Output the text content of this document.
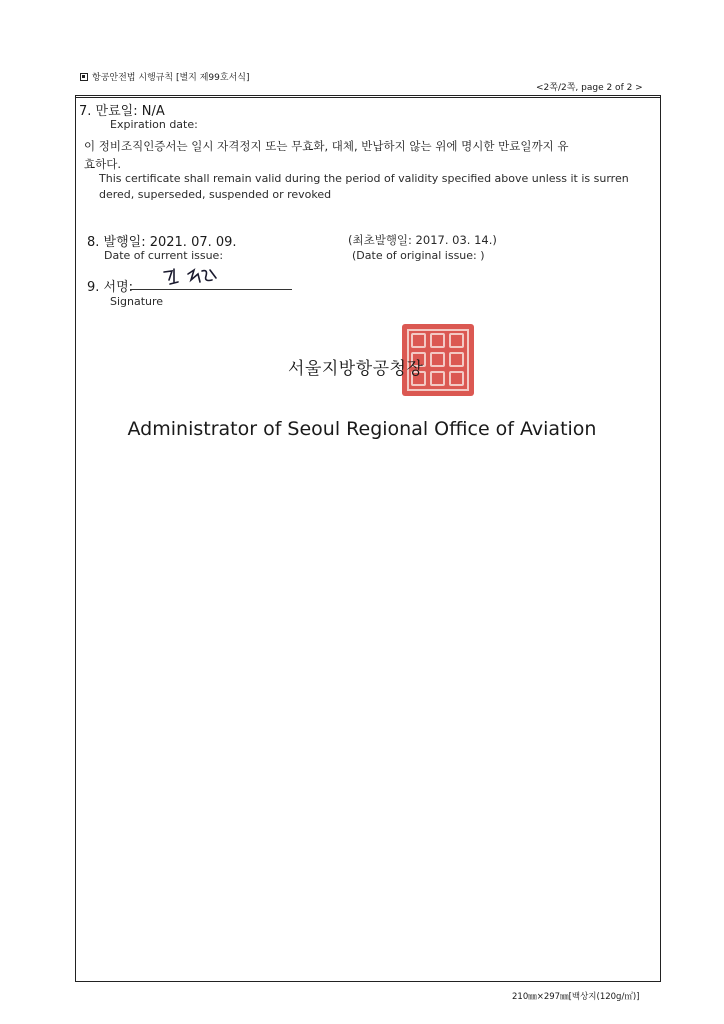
항공안전법 시행규칙 [별지 제99호서식]
<2쪽/2쪽, page 2 of 2 >
7. 만료일: N/A
Expiration date:
이 정비조직인증서는 일시 자격정지 또는 무효화, 대체, 반납하지 않는 위에 명시한 만료일까지 유
효하다.
This certificate shall remain valid during the period of validity specified above unless it is surren
dered, superseded, suspended or revoked
8. 발행일: 2021. 07. 09.
Date of current issue:
(최초발행일: 2017. 03. 14.)
(Date of original issue: )
9. 서명:
Signature
서울지방항공청장
Administrator of Seoul Regional Office of Aviation
210㎜×297㎜[백상지(120g/㎡)]
